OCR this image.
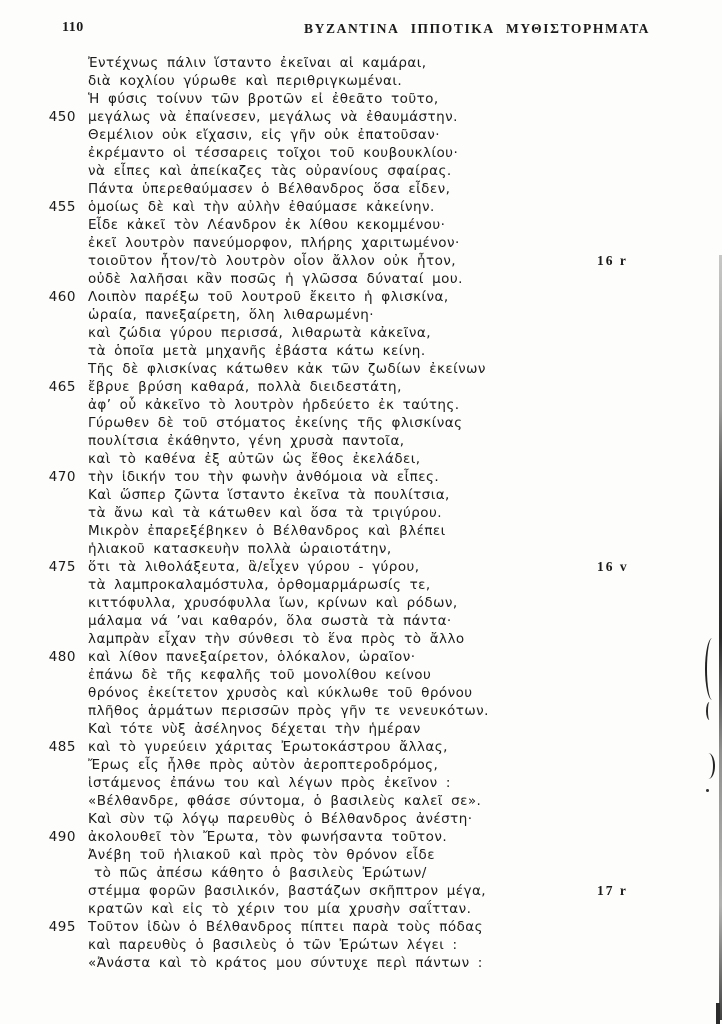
110	ΒΥΖΑΝΤΙΝΑ ΙΠΠΟΤΙΚΑ ΜΥΘΙΣΤΟΡΗΜΑΤΑ
Ἐντέχνως πάλιν ἵσταντο ἐκεῖναι αἱ καμάραι,
διὰ κοχλίου γύρωθε καὶ περιθριγκωμέναι.
Ἡ φύσις τοίνυν τῶν βροτῶν εἰ ἐθεᾶτο τοῦτο,
450 μεγάλως νὰ ἐπαίνεσεν, μεγάλως νὰ ἐθαυμάστην.
Θεμέλιον οὐκ εἴχασιν, εἰς γῆν οὐκ ἐπατοῦσαν·
ἐκρέμαντο οἱ τέσσαρεις τοῖχοι τοῦ κουβουκλίου·
νὰ εἶπες καὶ ἀπείκαζες τὰς οὐρανίους σφαίρας.
Πάντα ὑπερεθαύμασεν ὁ Βέλθανδρος ὅσα εἶδεν,
455 ὁμοίως δὲ καὶ τὴν αὐλὴν ἐθαύμασε κἀκείνην.
Εἶδε κἀκεῖ τὸν Λέανδρον ἐκ λίθου κεκομμένου·
ἐκεῖ λουτρὸν πανεύμορφον, πλήρης χαριτωμένον·
τοιοῦτον ἦτον/τὸ λουτρὸν οἷον ἄλλον οὐκ ἦτον,	16 r
οὐδὲ λαλῆσαι κἂν ποσῶς ἡ γλῶσσα δύναταί μου.
460 Λοιπὸν παρέξω τοῦ λουτροῦ ἔκειτο ἡ φλισκίνα,
ὡραία, πανεξαίρετη, ὅλη λιθαρωμένη·
καὶ ζώδια γύρου περισσά, λιθαρωτὰ κἀκεῖνα,
τὰ ὁποῖα μετὰ μηχανῆς ἐβάστα κάτω κείνη.
Τῆς δὲ φλισκίνας κάτωθεν κἀκ τῶν ζωδίων ἐκείνων
465 ἔβρυε βρύση καθαρά, πολλὰ διειδεστάτη,
ἀφ’ οὗ κἀκεῖνο τὸ λουτρὸν ἠρδεύετο ἐκ ταύτης.
Γύρωθεν δὲ τοῦ στόματος ἐκείνης τῆς φλισκίνας
πουλίτσια ἐκάθηντο, γένη χρυσὰ παντοῖα,
καὶ τὸ καθένα ἐξ αὐτῶν ὡς ἔθος ἐκελάδει,
470 τὴν ἰδικήν του τὴν φωνὴν ἀνθόμοια νὰ εἶπες.
Καὶ ὥσπερ ζῶντα ἵσταντο ἐκεῖνα τὰ πουλίτσια,
τὰ ἄνω καὶ τὰ κάτωθεν καὶ ὅσα τὰ τριγύρου.
Μικρὸν ἐπαρεξέβηκεν ὁ Βέλθανδρος καὶ βλέπει
ἡλιακοῦ κατασκευὴν πολλὰ ὡραιοτάτην,
475 ὅτι τὰ λιθολάξευτα, ἃ/εἶχεν γύρου - γύρου,	16 v
τὰ λαμπροκαλαμόστυλα, ὀρθομαρμάρωσίς τε,
κιττόφυλλα, χρυσόφυλλα ἴων, κρίνων καὶ ρόδων,
μάλαμα νά ’ναι καθαρόν, ὅλα σωστὰ τὰ πάντα·
λαμπρὰν εἶχαν τὴν σύνθεσι τὸ ἕνα πρὸς τὸ ἄλλο
480 καὶ λίθον πανεξαίρετον, ὁλόκαλον, ὡραῖον·
ἐπάνω δὲ τῆς κεφαλῆς τοῦ μονολίθου κείνου
θρόνος ἐκείτετον χρυσὸς καὶ κύκλωθε τοῦ θρόνου
πλῆθος ἁρμάτων περισσῶν πρὸς γῆν τε νενευκότων.
Καὶ τότε νὺξ ἀσέληνος δέχεται τὴν ἡμέραν
485 καὶ τὸ γυρεύειν χάριτας Ἐρωτοκάστρου ἄλλας,
Ἔρως εἷς ἦλθε πρὸς αὐτὸν ἀεροπτεροδρόμος,
ἱστάμενος ἐπάνω του καὶ λέγων πρὸς ἐκεῖνον :
«Βέλθανδρε, φθάσε σύντομα, ὁ βασιλεὺς καλεῖ σε».
Καὶ σὺν τῷ λόγῳ παρευθὺς ὁ Βέλθανδρος ἀνέστη·
490 ἀκολουθεῖ τὸν Ἔρωτα, τὸν φωνήσαντα τοῦτον.
Ἀνέβη τοῦ ἡλιακοῦ καὶ πρὸς τὸν θρόνον εἶδε
τὸ πῶς ἀπέσω κάθητο ὁ βασιλεὺς Ἐρώτων/
στέμμα φορῶν βασιλικόν, βαστάζων σκῆπτρον μέγα,	17 r
κρατῶν καὶ εἰς τὸ χέριν του μία χρυσὴν σαΐτταν.
495 Τοῦτον ἰδὼν ὁ Βέλθανδρος πίπτει παρὰ τοὺς πόδας
καὶ παρευθὺς ὁ βασιλεὺς ὁ τῶν Ἐρώτων λέγει :
«Ἀνάστα καὶ τὸ κράτος μου σύντυχε περὶ πάντων :
